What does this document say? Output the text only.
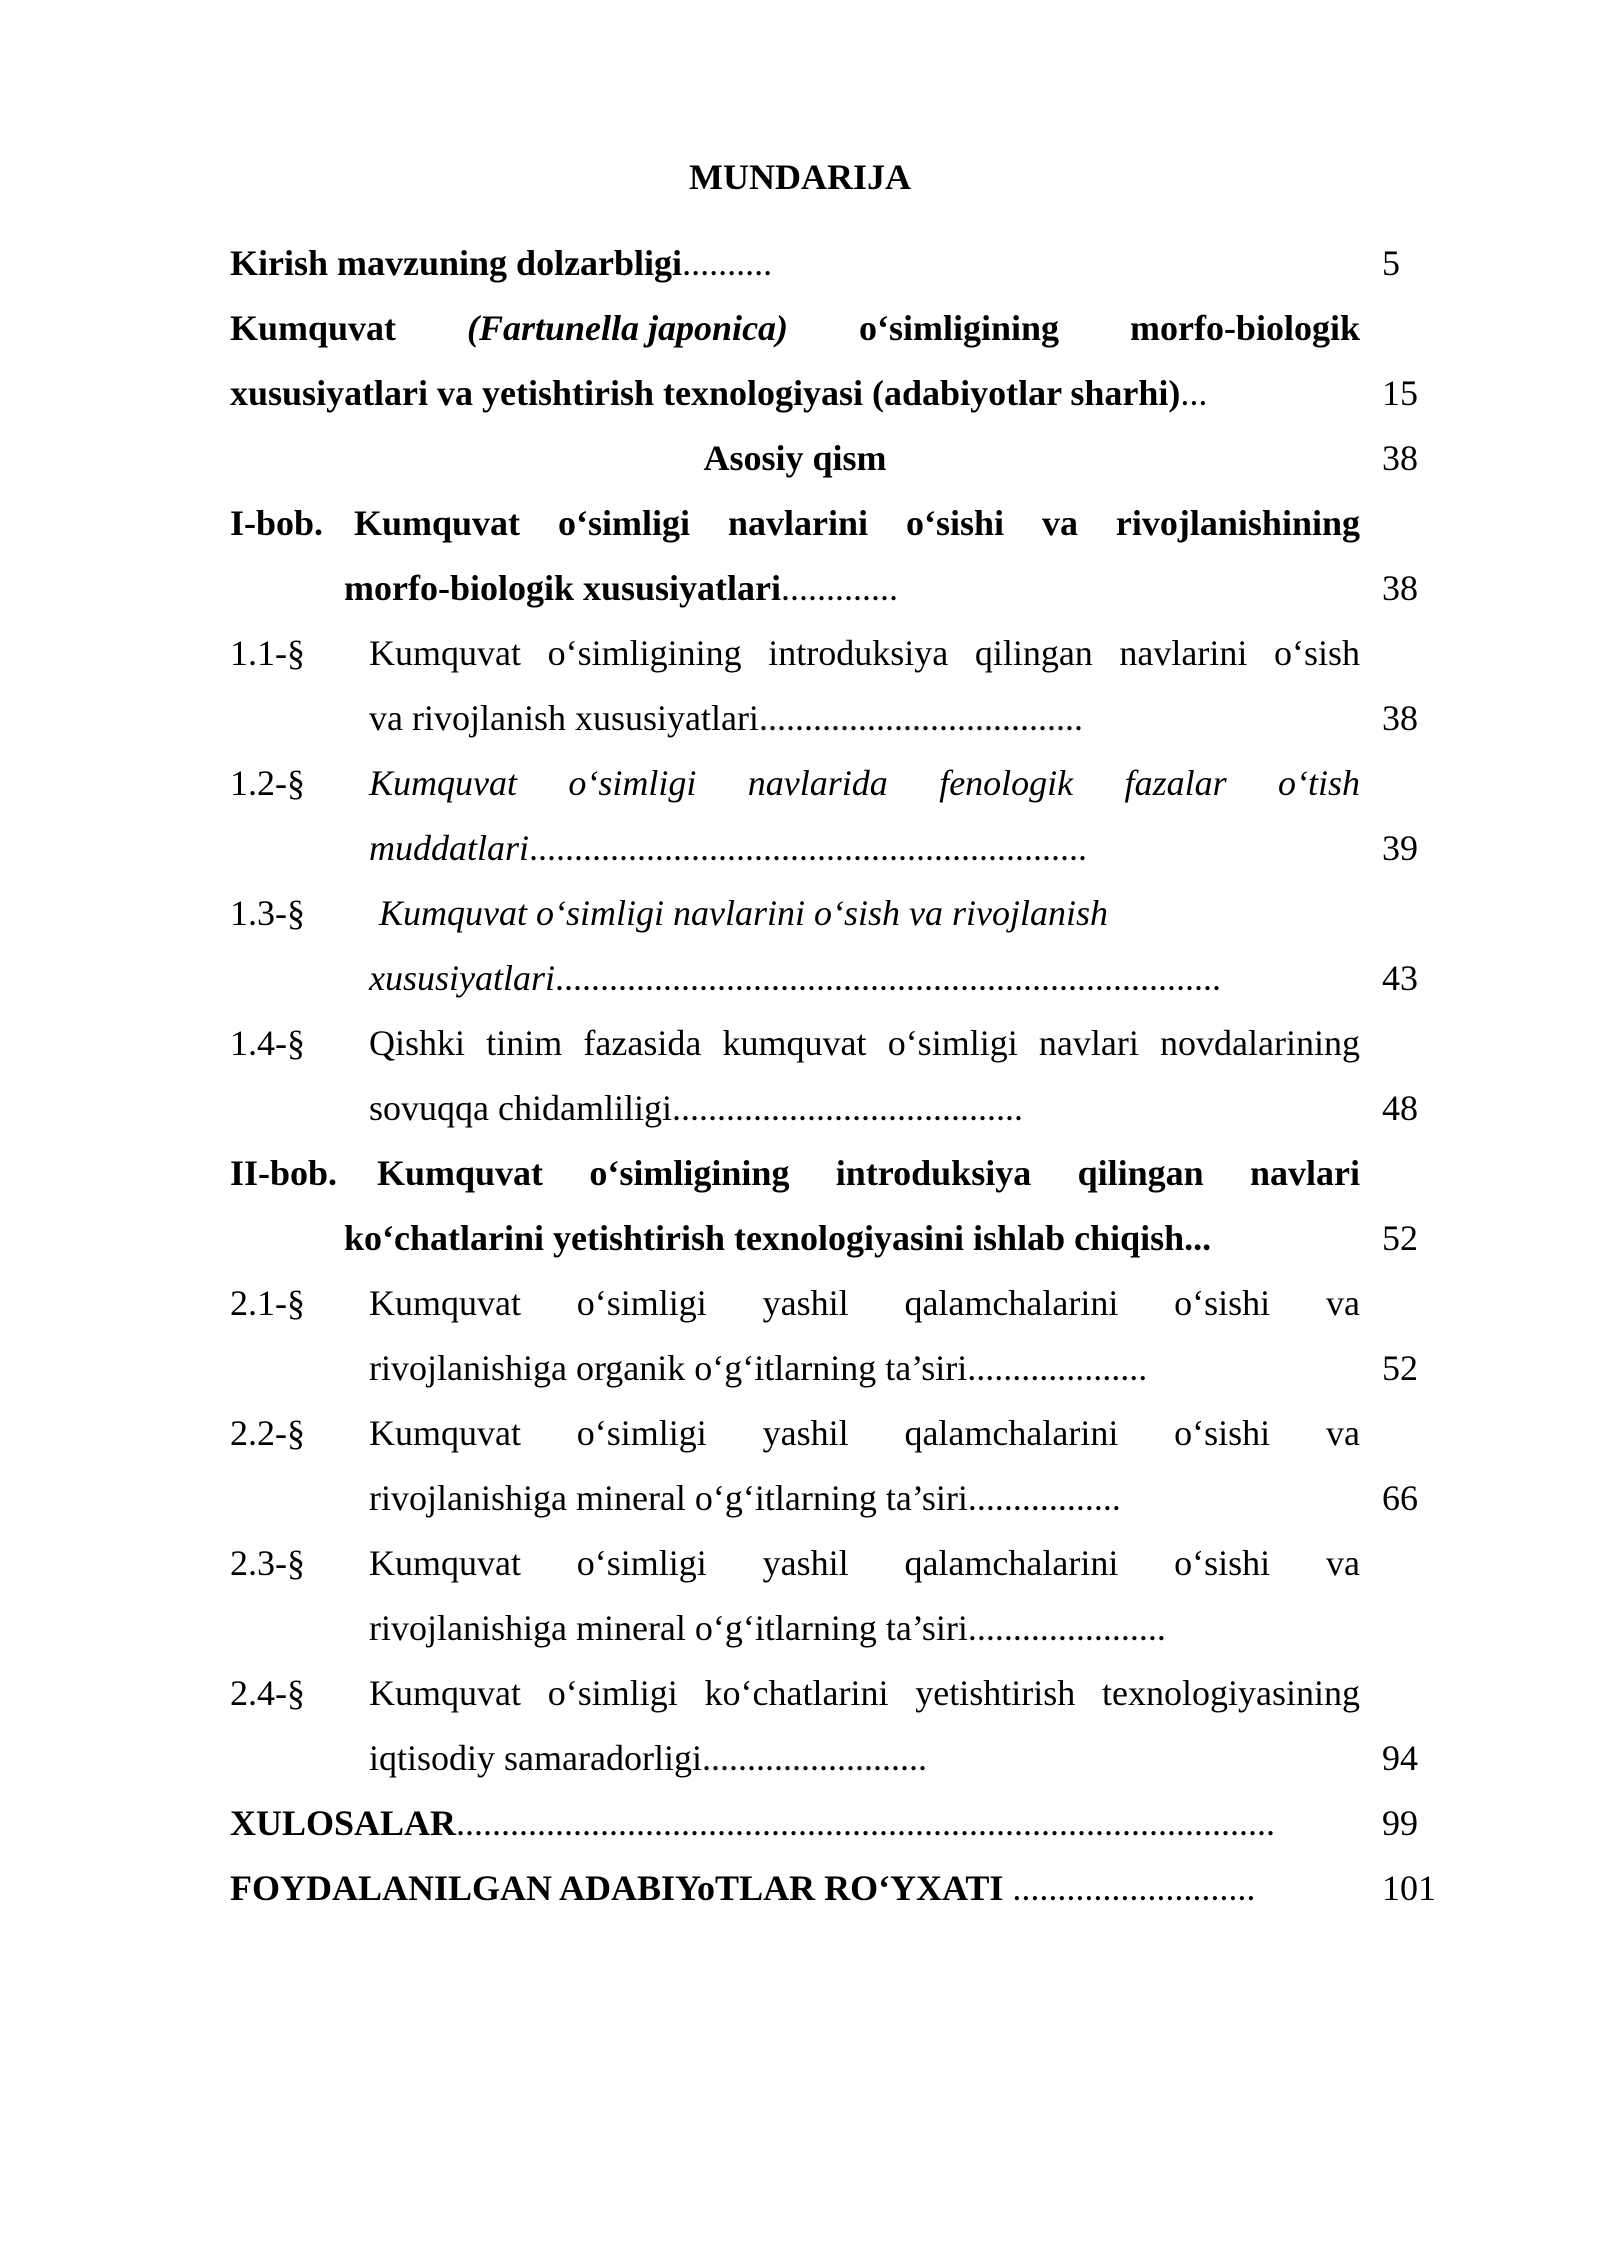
MUNDARIJA
Kirish mavzuning dolzarbligi..........	5
Kumquvat (Fartunella japonica) o‘simligining morfo-biologik
xususiyatlari va yetishtirish texnologiyasi (adabiyotlar sharhi)...	15
Asosiy qism	38
I-bob. Kumquvat o‘simligi navlarini o‘sishi va rivojlanishining
morfo-biologik xususiyatlari.............	38
1.1-§ Kumquvat o‘simligining introduksiya qilingan navlarini o‘sish
va rivojlanish xususiyatlari....................................	38
1.2-§ Kumquvat o‘simligi navlarida fenologik fazalar o‘tish
muddatlari..............................................................	39
1.3-§ Kumquvat o‘simligi navlarini o‘sish va rivojlanish
xususiyatlari..........................................................................	43
1.4-§ Qishki tinim fazasida kumquvat o‘simligi navlari novdalarining
sovuqqa chidamliligi.......................................	48
II-bob. Kumquvat o‘simligining introduksiya qilingan navlari
ko‘chatlarini yetishtirish texnologiyasini ishlab chiqish...	52
2.1-§ Kumquvat o‘simligi yashil qalamchalarini o‘sishi va
rivojlanishiga organik o‘g‘itlarning ta’siri....................	52
2.2-§ Kumquvat o‘simligi yashil qalamchalarini o‘sishi va
rivojlanishiga mineral o‘g‘itlarning ta’siri.................	66
2.3-§ Kumquvat o‘simligi yashil qalamchalarini o‘sishi va
rivojlanishiga mineral o‘g‘itlarning ta’siri......................
2.4-§ Kumquvat o‘simligi ko‘chatlarini yetishtirish texnologiyasining
iqtisodiy samaradorligi.........................	94
XULOSALAR...........................................................................................	99
FOYDALANILGAN ADABIYoTLAR RO‘YXATI ...........................	101
